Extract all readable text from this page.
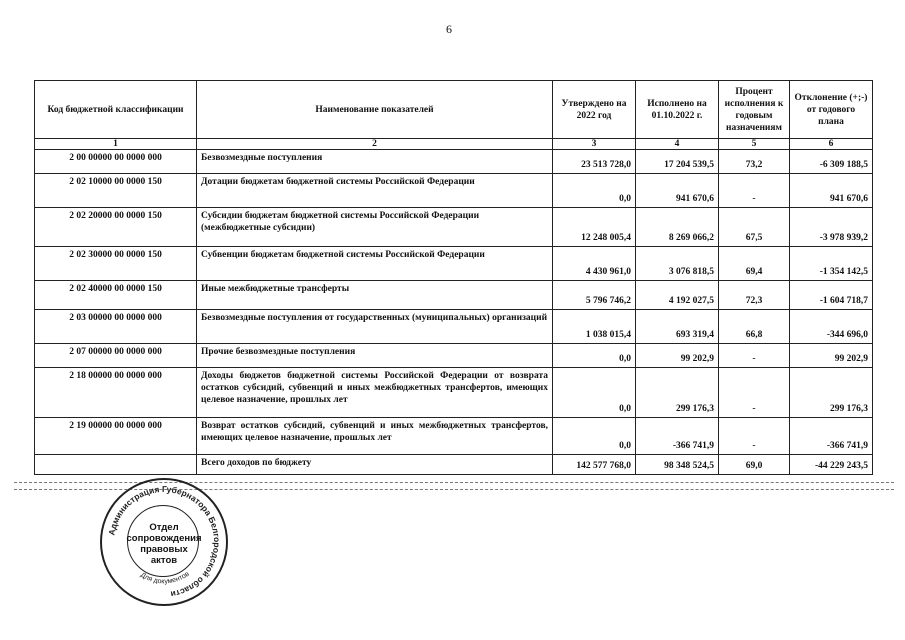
6
Код бюджетной классификации	Наименование показателей	Утверждено на 2022 год	Исполнено на 01.10.2022 г.	Процент исполнения к годовым назначениям	Отклонение (+;-) от годового плана
1	2	3	4	5	6
2 00 00000 00 0000 000	Безвозмездные поступления	23 513 728,0	17 204 539,5	73,2	-6 309 188,5
2 02 10000 00 0000 150	Дотации бюджетам бюджетной системы Российской Федерации	0,0	941 670,6	-	941 670,6
2 02 20000 00 0000 150	Субсидии бюджетам бюджетной системы Российской Федерации (межбюджетные субсидии)	12 248 005,4	8 269 066,2	67,5	-3 978 939,2
2 02 30000 00 0000 150	Субвенции бюджетам бюджетной системы Российской Федерации	4 430 961,0	3 076 818,5	69,4	-1 354 142,5
2 02 40000 00 0000 150	Иные межбюджетные трансферты	5 796 746,2	4 192 027,5	72,3	-1 604 718,7
2 03 00000 00 0000 000	Безвозмездные поступления от государственных (муниципальных) организаций	1 038 015,4	693 319,4	66,8	-344 696,0
2 07 00000 00 0000 000	Прочие безвозмездные поступления	0,0	99 202,9	-	99 202,9
2 18 00000 00 0000 000	Доходы бюджетов бюджетной системы Российской Федерации от возврата остатков субсидий, субвенций и иных межбюджетных трансфертов, имеющих целевое назначение, прошлых лет	0,0	299 176,3	-	299 176,3
2 19 00000 00 0000 000	Возврат остатков субсидий, субвенций и иных межбюджетных трансфертов, имеющих целевое назначение, прошлых лет	0,0	-366 741,9	-	-366 741,9
	Всего доходов по бюджету	142 577 768,0	98 348 524,5	69,0	-44 229 243,5
Администрация Губернатора Белгородской области
Для документов
Отдел
сопровождения
правовых
актов
